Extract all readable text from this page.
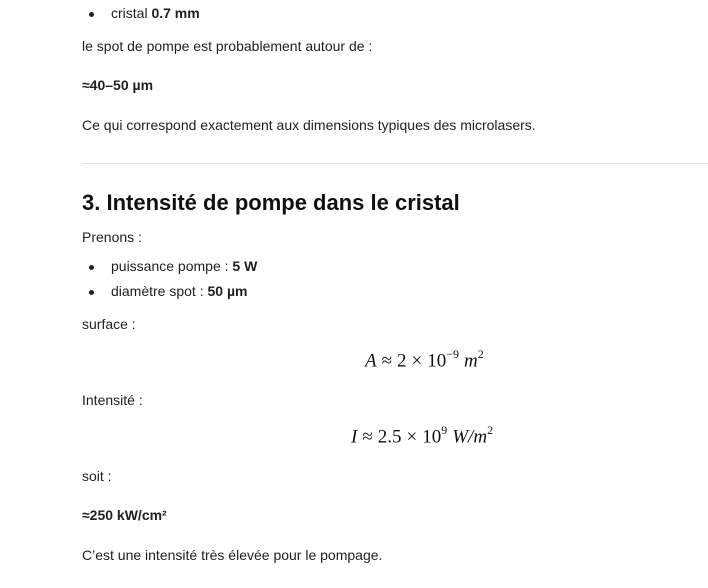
cristal 0.7 mm
le spot de pompe est probablement autour de :
≈40–50 µm
Ce qui correspond exactement aux dimensions typiques des microlasers.
3. Intensité de pompe dans le cristal
Prenons :
puissance pompe : 5 W
diamètre spot : 50 µm
surface :
$A \approx 2 \times 10^{-9}$ $m^2$
Intensité :
$I \approx 2.5 \times 10^9$ $W/m^2$
soit :
≈250 kW/cm²
C’est une intensité très élevée pour le pompage.
